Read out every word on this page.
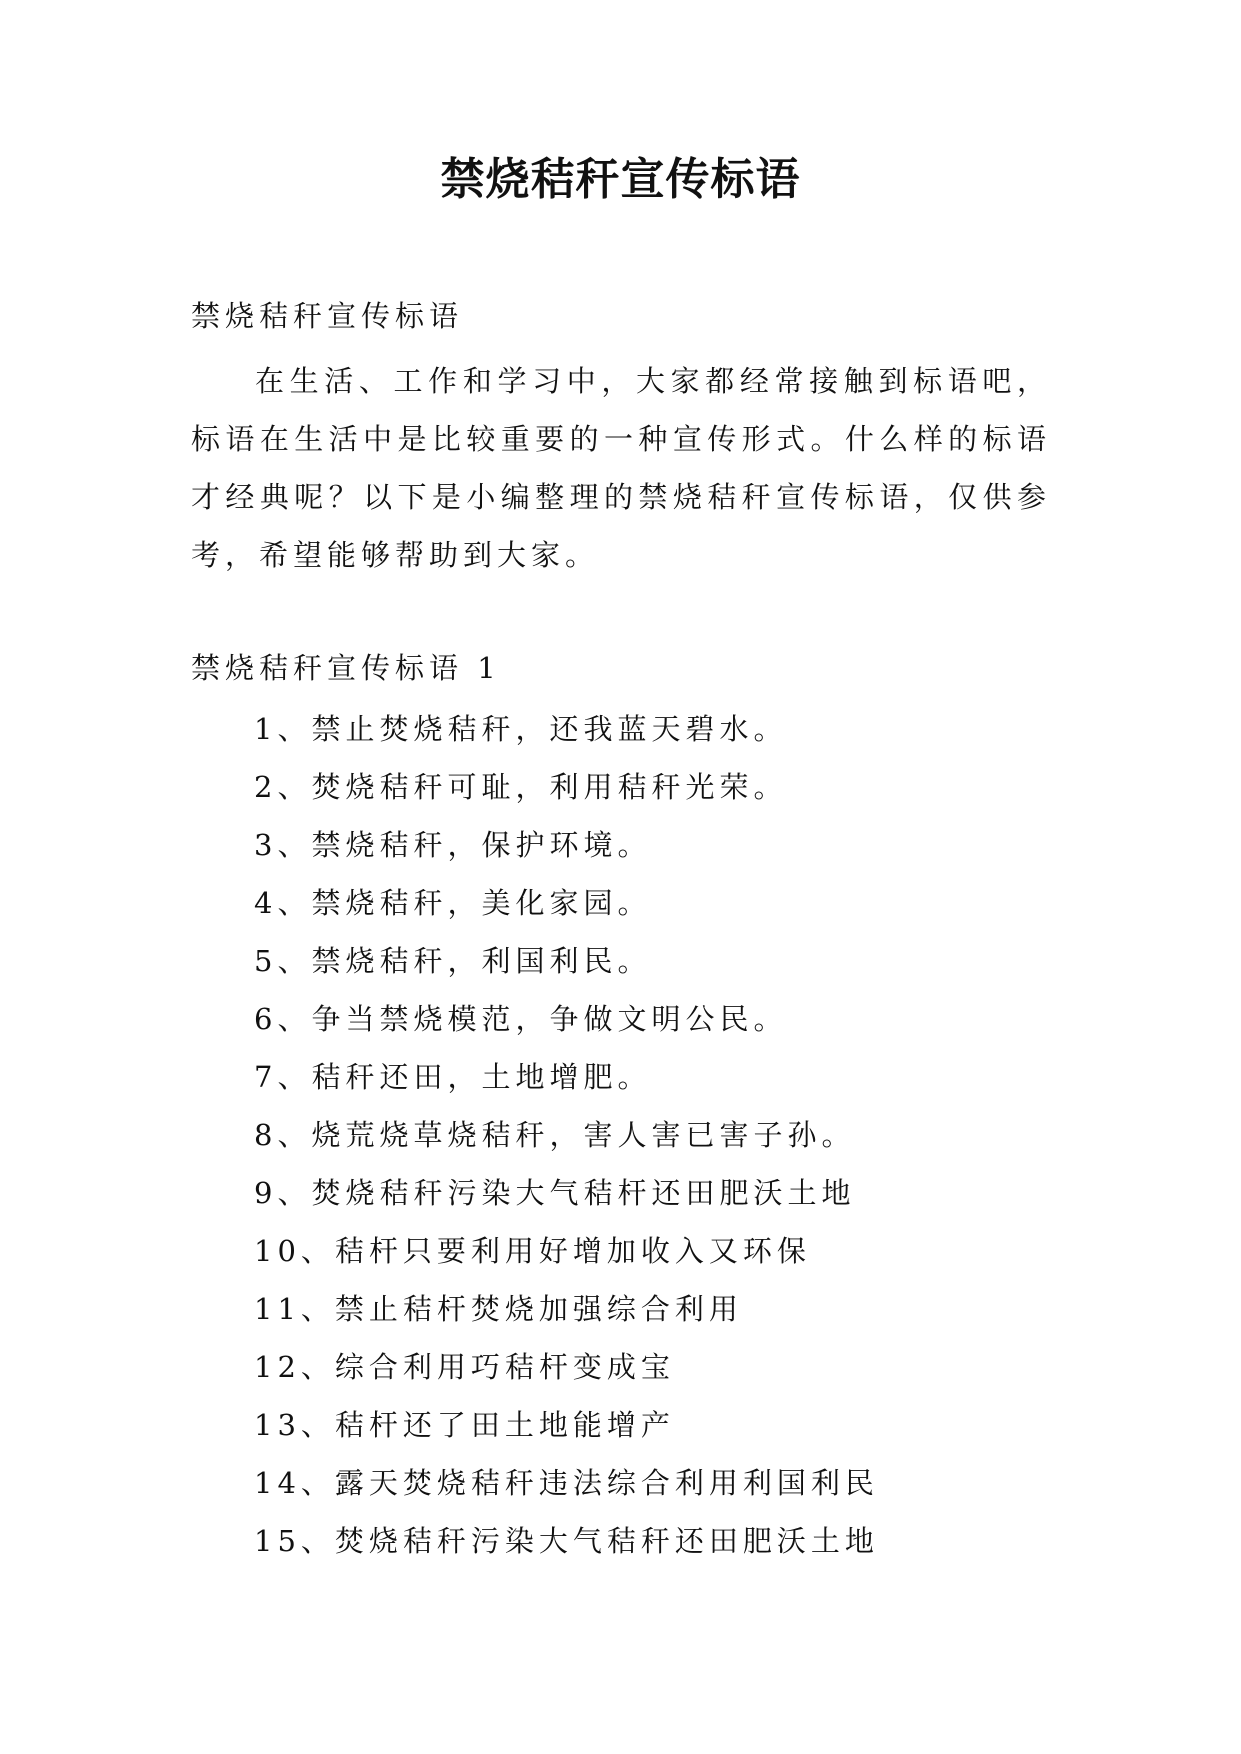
禁烧秸秆宣传标语
禁烧秸秆宣传标语
在生活、工作和学习中，大家都经常接触到标语吧，标语在生活中是比较重要的一种宣传形式。什么样的标语才经典呢？以下是小编整理的禁烧秸秆宣传标语，仅供参考，希望能够帮助到大家。
禁烧秸秆宣传标语 1
1、禁止焚烧秸秆，还我蓝天碧水。
2、焚烧秸秆可耻，利用秸秆光荣。
3、禁烧秸秆，保护环境。
4、禁烧秸秆，美化家园。
5、禁烧秸秆，利国利民。
6、争当禁烧模范，争做文明公民。
7、秸秆还田，土地增肥。
8、烧荒烧草烧秸秆，害人害已害子孙。
9、焚烧秸秆污染大气秸杆还田肥沃土地
10、秸杆只要利用好增加收入又环保
11、禁止秸杆焚烧加强综合利用
12、综合利用巧秸杆变成宝
13、秸杆还了田土地能增产
14、露天焚烧秸秆违法综合利用利国利民
15、焚烧秸秆污染大气秸秆还田肥沃土地
